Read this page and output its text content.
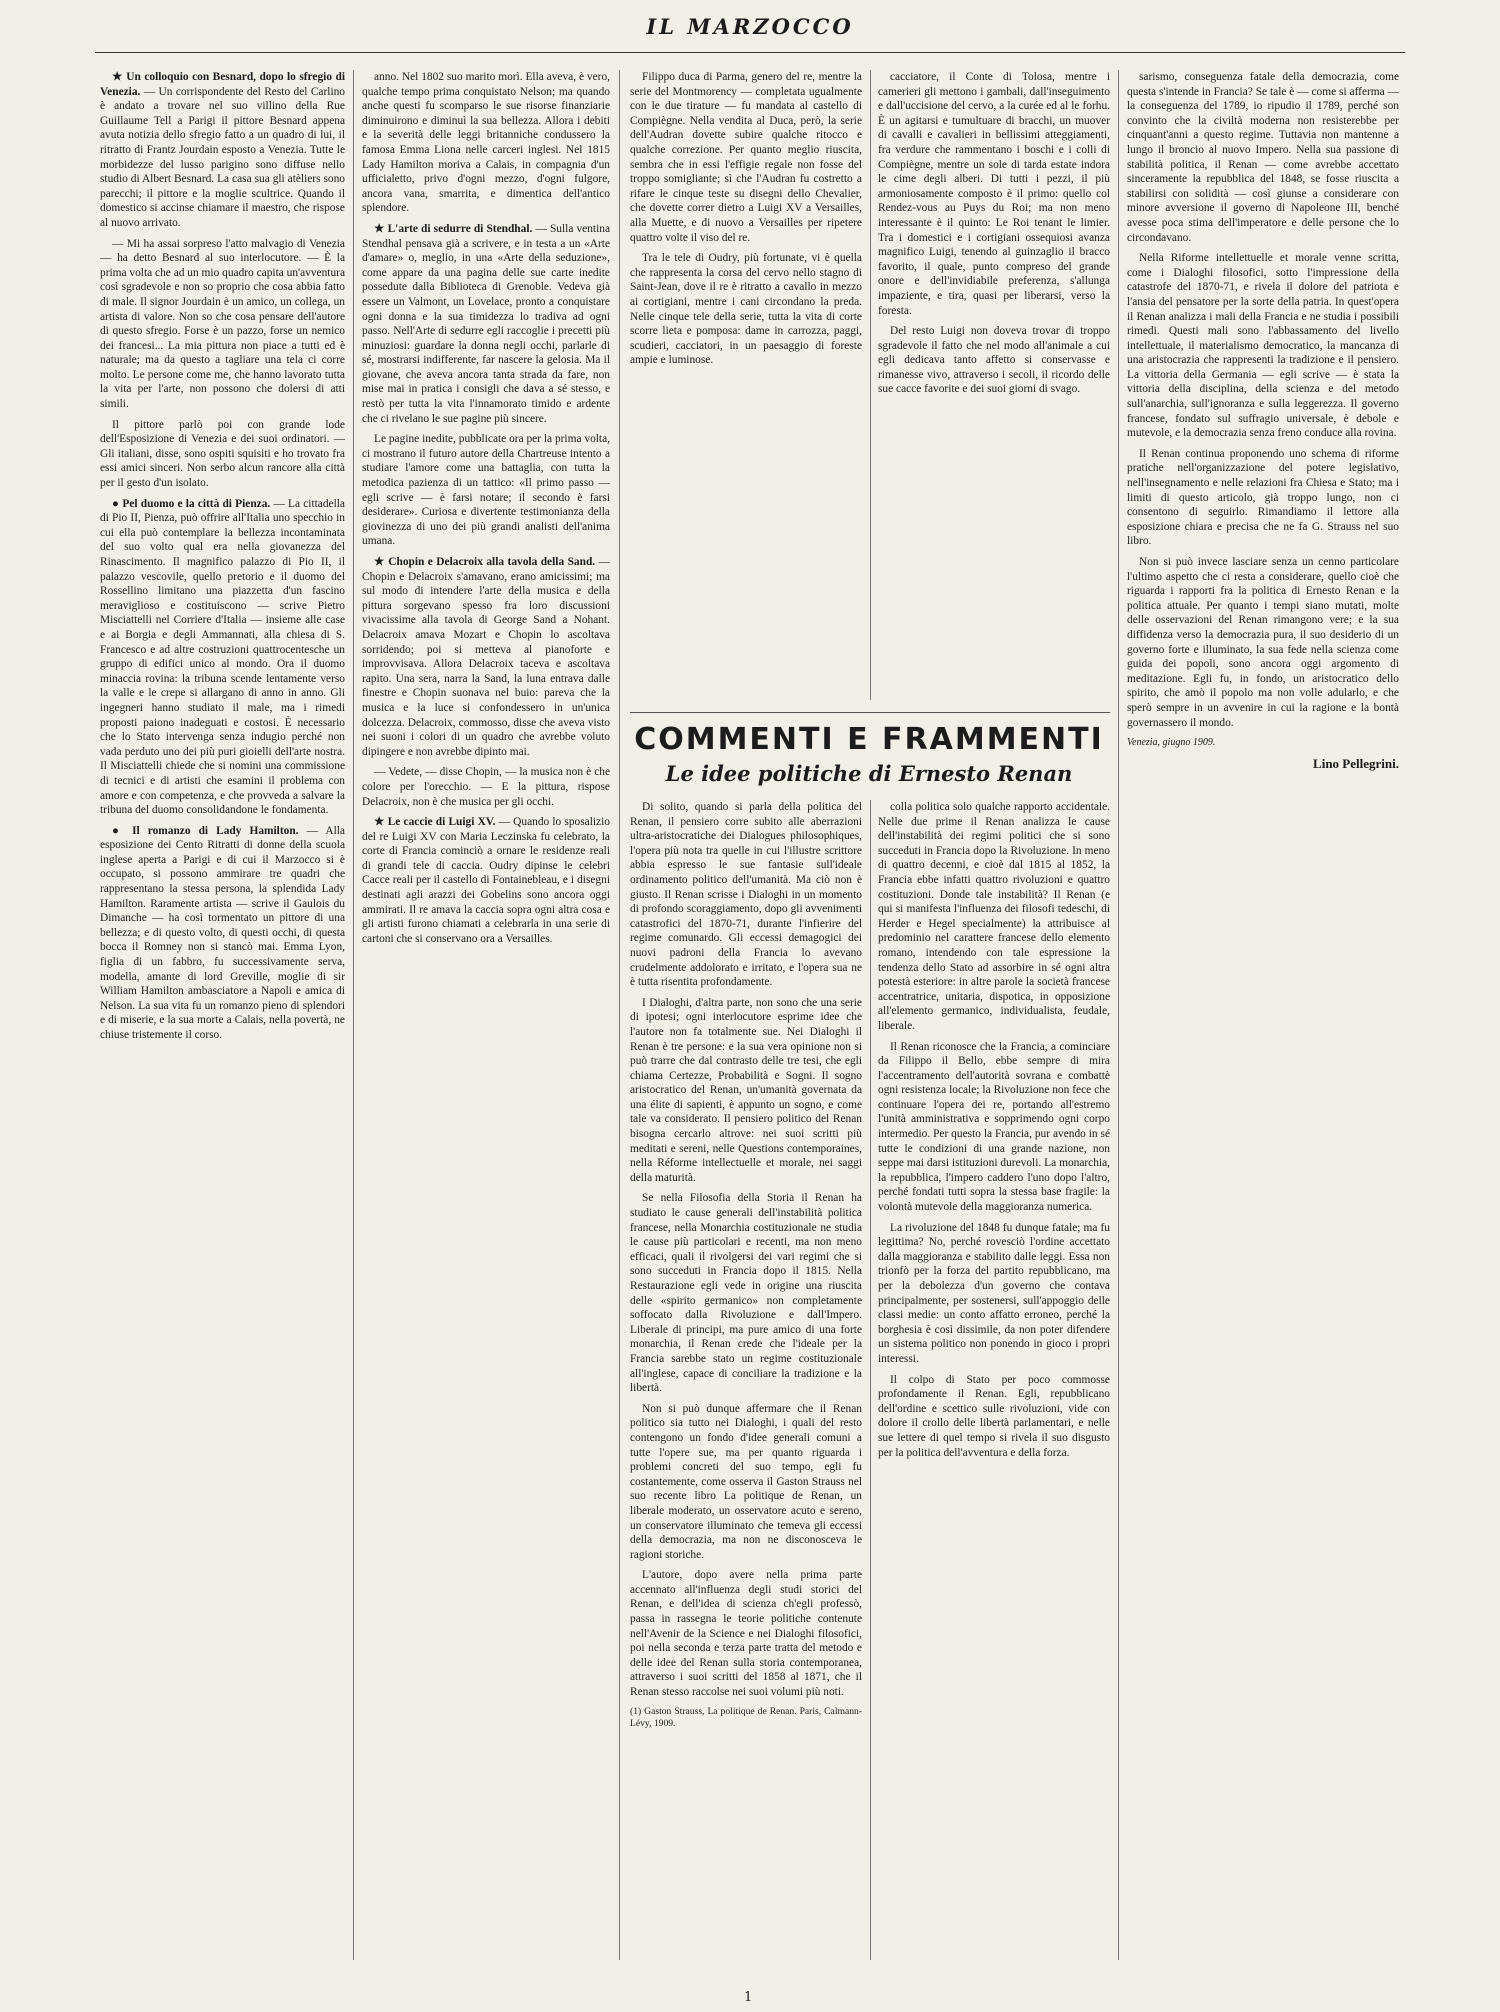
IL MARZOCCO

★ Un colloquio con Besnard, dopo lo sfregio di Venezia. — Un corrispondente del Resto del Carlino è andato a trovare nel suo villino della Rue Guillaume Tell a Parigi il pittore Besnard appena avuta notizia dello sfregio fatto a un quadro di lui, il ritratto di Frantz Jourdain esposto a Venezia. Tutte le morbidezze del lusso parigino sono diffuse nello studio di Albert Besnard. La casa sua gli atèliers sono parecchi; il pittore e la moglie scultrice. Quando il domestico si accinse chiamare il maestro, che rispose al nuovo arrivato.

— Mi ha assai sorpreso l'atto malvagio di Venezia — ha detto Besnard al suo interlocutore. — È la prima volta che ad un mio quadro capita un'avventura così sgradevole e non so proprio che cosa abbia fatto di male. Il signor Jourdain è un amico, un collega, un artista di valore. Non so che cosa pensare dell'autore di questo sfregio. Forse è un pazzo, forse un nemico dei francesi... La mia pittura non piace a tutti ed è naturale; ma da questo a tagliare una tela ci corre molto. Le persone come me, che hanno lavorato tutta la vita per l'arte, non possono che dolersi di atti simili.

Il pittore parlò poi con grande lode dell'Esposizione di Venezia e dei suoi ordinatori. — Gli italiani, disse, sono ospiti squisiti e ho trovato fra essi amici sinceri. Non serbo alcun rancore alla città per il gesto d'un isolato.

● Pel duomo e la città di Pienza. — La cittadella di Pio II, Pienza, può offrire all'Italia uno specchio in cui ella può contemplare la bellezza incontaminata del suo volto qual era nella giovanezza del Rinascimento. Il magnifico palazzo di Pio II, il palazzo vescovile, quello pretorio e il duomo del Rossellino limitano una piazzetta d'un fascino meraviglioso e costituiscono — scrive Pietro Misciattelli nel Corriere d'Italia — insieme alle case e ai Borgia e degli Ammannati, alla chiesa di S. Francesco e ad altre costruzioni quattrocentesche un gruppo di edifici unico al mondo. Ora il duomo minaccia rovina: la tribuna scende lentamente verso la valle e le crepe si allargano di anno in anno. Gli ingegneri hanno studiato il male, ma i rimedi proposti paiono inadeguati e costosi. È necessario che lo Stato intervenga senza indugio perché non vada perduto uno dei più puri gioielli dell'arte nostra. Il Misciattelli chiede che si nomini una commissione di tecnici e di artisti che esamini il problema con amore e con competenza, e che provveda a salvare la tribuna del duomo consolidandone le fondamenta.

● Il romanzo di Lady Hamilton. — Alla esposizione dei Cento Ritratti di donne della scuola inglese aperta a Parigi e di cui il Marzocco si è occupato, si possono ammirare tre quadri che rappresentano la stessa persona, la splendida Lady Hamilton. Raramente artista — scrive il Gaulois du Dimanche — ha così tormentato un pittore di una bellezza; e di questo volto, di questi occhi, di questa bocca il Romney non si stancò mai. Emma Lyon, figlia di un fabbro, fu successivamente serva, modella, amante di lord Greville, moglie di sir William Hamilton ambasciatore a Napoli e amica di Nelson. La sua vita fu un romanzo pieno di splendori e di miserie, e la sua morte a Calais, nella povertà, ne chiuse tristemente il corso.

anno. Nel 1802 suo marito morì. Ella aveva, è vero, qualche tempo prima conquistato Nelson; ma quando anche questi fu scomparso le sue risorse finanziarie diminuirono e diminuì la sua bellezza. Allora i debiti e la severità delle leggi britanniche condussero la famosa Emma Liona nelle carceri inglesi. Nel 1815 Lady Hamilton moriva a Calais, in compagnia d'un ufficialetto, privo d'ogni mezzo, d'ogni fulgore, ancora vana, smarrita, e dimentica dell'antico splendore.

★ L'arte di sedurre di Stendhal. — Sulla ventina Stendhal pensava già a scrivere, e in testa a un «Arte d'amare» o, meglio, in una «Arte della seduzione», come appare da una pagina delle sue carte inedite possedute dalla Biblioteca di Grenoble. Vedeva già essere un Valmont, un Lovelace, pronto a conquistare ogni donna e la sua timidezza lo tradiva ad ogni passo. Nell'Arte di sedurre egli raccoglie i precetti più minuziosi: guardare la donna negli occhi, parlarle di sé, mostrarsi indifferente, far nascere la gelosia. Ma il giovane, che aveva ancora tanta strada da fare, non mise mai in pratica i consigli che dava a sé stesso, e restò per tutta la vita l'innamorato timido e ardente che ci rivelano le sue pagine più sincere.

Le pagine inedite, pubblicate ora per la prima volta, ci mostrano il futuro autore della Chartreuse intento a studiare l'amore come una battaglia, con tutta la metodica pazienza di un tattico: «Il primo passo — egli scrive — è farsi notare; il secondo è farsi desiderare». Curiosa e divertente testimonianza della giovinezza di uno dei più grandi analisti dell'anima umana.

★ Chopin e Delacroix alla tavola della Sand. — Chopin e Delacroix s'amavano, erano amicissimi; ma sul modo di intendere l'arte della musica e della pittura sorgevano spesso fra loro discussioni vivacissime alla tavola di George Sand a Nohant. Delacroix amava Mozart e Chopin lo ascoltava sorridendo; poi si metteva al pianoforte e improvvisava. Allora Delacroix taceva e ascoltava rapito. Una sera, narra la Sand, la luna entrava dalle finestre e Chopin suonava nel buio: pareva che la musica e la luce si confondessero in un'unica dolcezza. Delacroix, commosso, disse che aveva visto nei suoni i colori di un quadro che avrebbe voluto dipingere e non avrebbe dipinto mai.

— Vedete, — disse Chopin, — la musica non è che colore per l'orecchio. — E la pittura, rispose Delacroix, non è che musica per gli occhi.

★ Le caccie di Luigi XV. — Quando lo sposalizio del re Luigi XV con Maria Leczinska fu celebrato, la corte di Francia cominciò a ornare le residenze reali di grandi tele di caccia. Oudry dipinse le celebri Cacce reali per il castello di Fontainebleau, e i disegni destinati agli arazzi dei Gobelins sono ancora oggi ammirati. Il re amava la caccia sopra ogni altra cosa e gli artisti furono chiamati a celebrarla in una serie di cartoni che si conservano ora a Versailles.

Filippo duca di Parma, genero del re, mentre la serie del Montmorency — completata ugualmente con le due tirature — fu mandata al castello di Compiègne. Nella vendita al Duca, però, la serie dell'Audran dovette subire qualche ritocco e qualche correzione. Per quanto meglio riuscita, sembra che in essi l'effigie regale non fosse del troppo somigliante; sì che l'Audran fu costretto a rifare le cinque teste su disegni dello Chevalier, che dovette correr dietro a Luigi XV a Versailles, alla Muette, e di nuovo a Versailles per ripetere quattro volte il viso del re.

Tra le tele di Oudry, più fortunate, vi è quella che rappresenta la corsa del cervo nello stagno di Saint-Jean, dove il re è ritratto a cavallo in mezzo ai cortigiani, mentre i cani circondano la preda. Nelle cinque tele della serie, tutta la vita di corte scorre lieta e pomposa: dame in carrozza, paggi, scudieri, cacciatori, in un paesaggio di foreste ampie e luminose.

cacciatore, il Conte di Tolosa, mentre i camerieri gli mettono i gambali, dall'inseguimento e dall'uccisione del cervo, a la curée ed al le forhu. È un agitarsi e tumultuare di bracchi, un muover di cavalli e cavalieri in bellissimi atteggiamenti, fra verdure che rammentano i boschi e i colli di Compiègne, mentre un sole di tarda estate indora le cime degli alberi. Di tutti i pezzi, il più armoniosamente composto è il primo: quello col Rendez-vous au Puys du Roi; ma non meno interessante è il quinto: Le Roi tenant le limier. Tra i domestici e i cortigiani ossequiosi avanza magnifico Luigi, tenendo al guinzaglio il bracco favorito, il quale, punto compreso del grande onore e dell'invidiabile preferenza, s'allunga impaziente, e tira, quasi per liberarsi, verso la foresta.

Del resto Luigi non doveva trovar di troppo sgradevole il fatto che nel modo all'animale a cui egli dedicava tanto affetto si conservasse e rimanesse vivo, attraverso i secoli, il ricordo delle sue cacce favorite e dei suoi giorni di svago.

COMMENTI E FRAMMENTI
Le idee politiche di Ernesto Renan

Di solito, quando si parla della politica del Renan, il pensiero corre subito alle aberrazioni ultra-aristocratiche dei Dialogues philosophiques, l'opera più nota tra quelle in cui l'illustre scrittore abbia espresso le sue fantasie sull'ideale ordinamento politico dell'umanità. Ma ciò non è giusto. Il Renan scrisse i Dialoghi in un momento di profondo scoraggiamento, dopo gli avvenimenti catastrofici del 1870-71, durante l'infierire del regime comunardo. Gli eccessi demagogici dei nuovi padroni della Francia lo avevano crudelmente addolorato e irritato, e l'opera sua ne è tutta risentita profondamente.

I Dialoghi, d'altra parte, non sono che una serie di ipotesi; ogni interlocutore esprime idee che l'autore non fa totalmente sue. Nei Dialoghi il Renan è tre persone: e la sua vera opinione non si può trarre che dal contrasto delle tre tesi, che egli chiama Certezze, Probabilità e Sogni. Il sogno aristocratico del Renan, un'umanità governata da una élite di sapienti, è appunto un sogno, e come tale va considerato. Il pensiero politico del Renan bisogna cercarlo altrove: nei suoi scritti più meditati e sereni, nelle Questions contemporaines, nella Réforme intellectuelle et morale, nei saggi della maturità.

Se nella Filosofia della Storia il Renan ha studiato le cause generali dell'instabilità politica francese, nella Monarchia costituzionale ne studia le cause più particolari e recenti, ma non meno efficaci, quali il rivolgersi dei vari regimi che si sono succeduti in Francia dopo il 1815. Nella Restaurazione egli vede in origine una riuscita delle «spirito germanico» non completamente soffocato dalla Rivoluzione e dall'Impero. Liberale di principi, ma pure amico di una forte monarchia, il Renan crede che l'ideale per la Francia sarebbe stato un regime costituzionale all'inglese, capace di conciliare la tradizione e la libertà.

Non si può dunque affermare che il Renan politico sia tutto nei Dialoghi, i quali del resto contengono un fondo d'idee generali comuni a tutte l'opere sue, ma per quanto riguarda i problemi concreti del suo tempo, egli fu costantemente, come osserva il Gaston Strauss nel suo recente libro La politique de Renan, un liberale moderato, un osservatore acuto e sereno, un conservatore illuminato che temeva gli eccessi della democrazia, ma non ne disconosceva le ragioni storiche.

L'autore, dopo avere nella prima parte accennato all'influenza degli studi storici del Renan, e dell'idea di scienza ch'egli professò, passa in rassegna le teorie politiche contenute nell'Avenir de la Science e nei Dialoghi filosofici, poi nella seconda e terza parte tratta del metodo e delle idee del Renan sulla storia contemporanea, attraverso i suoi scritti del 1858 al 1871, che il Renan stesso raccolse nei suoi volumi più noti.

(1) Gaston Strauss, La politique de Renan. Paris, Calmann-Lévy, 1909.

colla politica solo qualche rapporto accidentale. Nelle due prime il Renan analizza le cause dell'instabilità dei regimi politici che si sono succeduti in Francia dopo la Rivoluzione. In meno di quattro decenni, e cioè dal 1815 al 1852, la Francia ebbe infatti quattro rivoluzioni e quattro costituzioni. Donde tale instabilità? Il Renan (e qui si manifesta l'influenza dei filosofi tedeschi, di Herder e Hegel specialmente) la attribuisce al predominio nel carattere francese dello elemento romano, intendendo con tale espressione la tendenza dello Stato ad assorbire in sé ogni altra potestà esteriore: in altre parole la società francese accentratrice, unitaria, dispotica, in opposizione all'elemento germanico, individualista, feudale, liberale.

Il Renan riconosce che la Francia, a cominciare da Filippo il Bello, ebbe sempre di mira l'accentramento dell'autorità sovrana e combattè ogni resistenza locale; la Rivoluzione non fece che continuare l'opera dei re, portando all'estremo l'unità amministrativa e sopprimendo ogni corpo intermedio. Per questo la Francia, pur avendo in sé tutte le condizioni di una grande nazione, non seppe mai darsi istituzioni durevoli. La monarchia, la repubblica, l'impero caddero l'uno dopo l'altro, perché fondati tutti sopra la stessa base fragile: la volontà mutevole della maggioranza numerica.

La rivoluzione del 1848 fu dunque fatale; ma fu legittima? No, perché rovesciò l'ordine accettato dalla maggioranza e stabilito dalle leggi. Essa non trionfò per la forza del partito repubblicano, ma per la debolezza d'un governo che contava principalmente, per sostenersi, sull'appoggio delle classi medie: un conto affatto erroneo, perché la borghesia è così dissimile, da non poter difendere un sistema politico non ponendo in gioco i propri interessi.

Il colpo di Stato per poco commosse profondamente il Renan. Egli, repubblicano dell'ordine e scettico sulle rivoluzioni, vide con dolore il crollo delle libertà parlamentari, e nelle sue lettere di quel tempo si rivela il suo disgusto per la politica dell'avventura e della forza.

sarismo, conseguenza fatale della democrazia, come questa s'intende in Francia? Se tale è — come si afferma — la conseguenza del 1789, io ripudio il 1789, perché son convinto che la civiltà moderna non resisterebbe per cinquant'anni a questo regime. Tuttavia non mantenne a lungo il broncio al nuovo Impero. Nella sua passione di stabilità politica, il Renan — come avrebbe accettato sinceramente la repubblica del 1848, se fosse riuscita a stabilirsi con solidità — così giunse a considerare con minore avversione il governo di Napoleone III, benché avesse poca stima dell'imperatore e delle persone che lo circondavano.

Nella Riforme intellettuelle et morale venne scritta, come i Dialoghi filosofici, sotto l'impressione della catastrofe del 1870-71, e rivela il dolore del patriota e l'ansia del pensatore per la sorte della patria. In quest'opera il Renan analizza i mali della Francia e ne studia i possibili rimedi. Questi mali sono l'abbassamento del livello intellettuale, il materialismo democratico, la mancanza di una aristocrazia che rappresenti la tradizione e il pensiero. La vittoria della Germania — egli scrive — è stata la vittoria della disciplina, della scienza e del metodo sull'anarchia, sull'ignoranza e sulla leggerezza. Il governo francese, fondato sul suffragio universale, è debole e mutevole, e la democrazia senza freno conduce alla rovina.

Il Renan continua proponendo uno schema di riforme pratiche nell'organizzazione del potere legislativo, nell'insegnamento e nelle relazioni fra Chiesa e Stato; ma i limiti di questo articolo, già troppo lungo, non ci consentono di seguirlo. Rimandiamo il lettore alla esposizione chiara e precisa che ne fa G. Strauss nel suo libro.

Non si può invece lasciare senza un cenno particolare l'ultimo aspetto che ci resta a considerare, quello cioè che riguarda i rapporti fra la politica di Ernesto Renan e la politica attuale. Per quanto i tempi siano mutati, molte delle osservazioni del Renan rimangono vere; e la sua diffidenza verso la democrazia pura, il suo desiderio di un governo forte e illuminato, la sua fede nella scienza come guida dei popoli, sono ancora oggi argomento di meditazione. Egli fu, in fondo, un aristocratico dello spirito, che amò il popolo ma non volle adularlo, e che sperò sempre in un avvenire in cui la ragione e la bontà governassero il mondo.

Venezia, giugno 1909.

Lino Pellegrini.

1
